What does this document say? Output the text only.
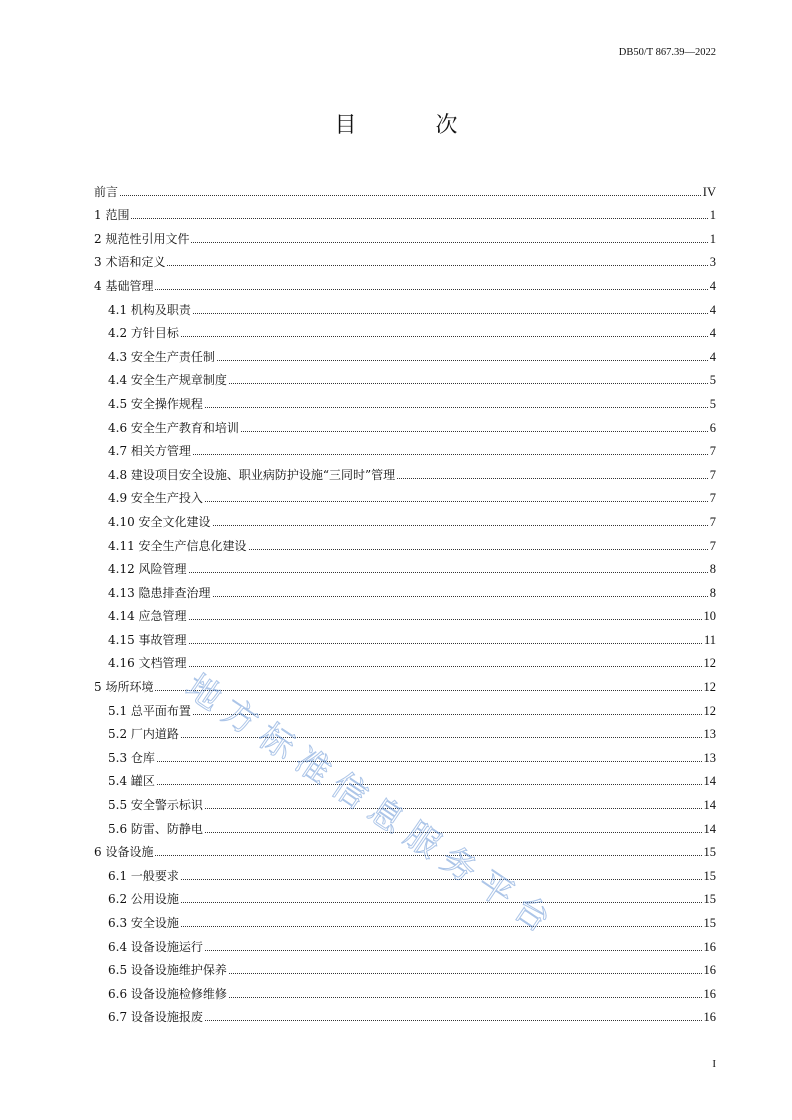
DB50/T 867.39—2022
目 次
前言	IV
1 范围	1
2 规范性引用文件	1
3 术语和定义	3
4 基础管理	4
4.1 机构及职责	4
4.2 方针目标	4
4.3 安全生产责任制	4
4.4 安全生产规章制度	5
4.5 安全操作规程	5
4.6 安全生产教育和培训	6
4.7 相关方管理	7
4.8 建设项目安全设施、职业病防护设施“三同时”管理	7
4.9 安全生产投入	7
4.10 安全文化建设	7
4.11 安全生产信息化建设	7
4.12 风险管理	8
4.13 隐患排查治理	8
4.14 应急管理	10
4.15 事故管理	11
4.16 文档管理	12
5 场所环境	12
5.1 总平面布置	12
5.2 厂内道路	13
5.3 仓库	13
5.4 罐区	14
5.5 安全警示标识	14
5.6 防雷、防静电	14
6 设备设施	15
6.1 一般要求	15
6.2 公用设施	15
6.3 安全设施	15
6.4 设备设施运行	16
6.5 设备设施维护保养	16
6.6 设备设施检修维修	16
6.7 设备设施报废	16
地方标准信息服务平台
I
